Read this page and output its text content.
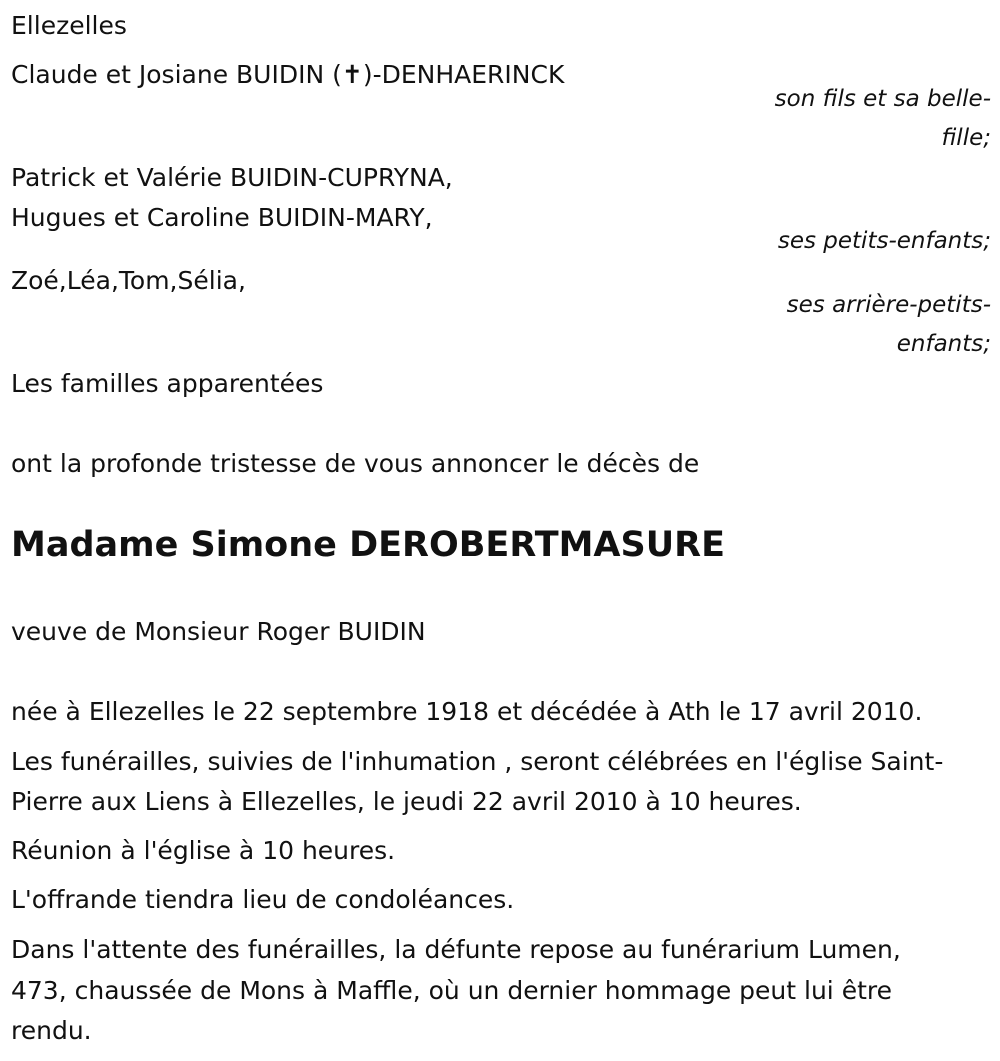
Ellezelles
Claude et Josiane BUIDIN (✝)-DENHAERINCK
son fils et sa belle-
fille;
Patrick et Valérie BUIDIN-CUPRYNA,
Hugues et Caroline BUIDIN-MARY,
ses petits-enfants;
Zoé,Léa,Tom,Sélia,
ses arrière-petits-
enfants;
Les familles apparentées
ont la profonde tristesse de vous annoncer le décès de
Madame Simone DEROBERTMASURE
veuve de Monsieur Roger BUIDIN
née à Ellezelles le 22 septembre 1918 et décédée à Ath le 17 avril 2010.
Les funérailles, suivies de l'inhumation , seront célébrées en l'église Saint-
Pierre aux Liens à Ellezelles, le jeudi 22 avril 2010 à 10 heures.
Réunion à l'église à 10 heures.
L'offrande tiendra lieu de condoléances.
Dans l'attente des funérailles, la défunte repose au funérarium Lumen,
473, chaussée de Mons à Maffle, où un dernier hommage peut lui être
rendu.
